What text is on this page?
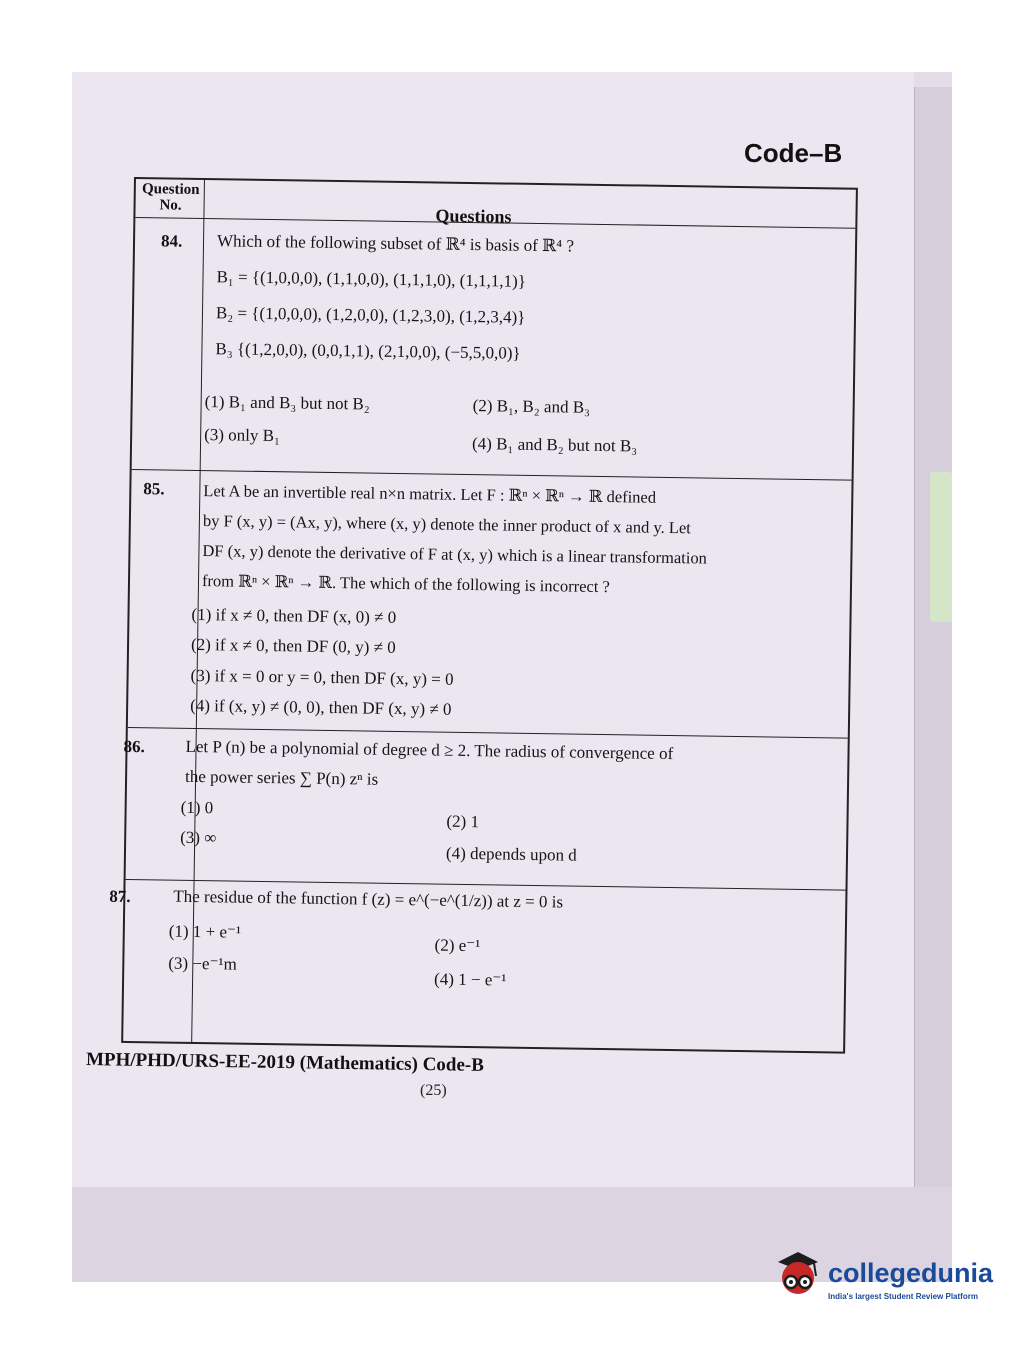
Code–B
Question No.	Questions
84. Which of the following subset of ℝ⁴ is basis of ℝ⁴ ?

B₁ = {(1,0,0,0), (1,1,0,0), (1,1,1,0), (1,1,1,1)}

B₂ = {(1,0,0,0), (1,2,0,0), (1,2,3,0), (1,2,3,4)}

B₃ {(1,2,0,0), (0,0,1,1), (2,1,0,0), (−5,5,0,0)}

(1) B₁ and B₃ but not B₂	(2) B₁, B₂ and B₃
(3) only B₁	(4) B₁ and B₂ but not B₃
85. Let A be an invertible real n×n matrix. Let F : ℝⁿ × ℝⁿ → ℝ defined

by F (x, y) = (Ax, y), where (x, y) denote the inner product of x and y. Let

DF (x, y) denote the derivative of F at (x, y) which is a linear transformation

from ℝⁿ × ℝⁿ → ℝ. The which of the following is incorrect ?

(1) if x ≠ 0, then DF (x, 0) ≠ 0
(2) if x ≠ 0, then DF (0, y) ≠ 0
(3) if x = 0 or y = 0, then DF (x, y) = 0
(4) if (x, y) ≠ (0, 0), then DF (x, y) ≠ 0
86. Let P (n) be a polynomial of degree d ≥ 2. The radius of convergence of

the power series ∑ P(n) zⁿ is

(1) 0
(2) 1
(3) ∞
(4) depends upon d
87. The residue of the function f (z) = e^(−e^(1/z)) at z = 0 is

(1) 1 + e⁻¹
(2) e⁻¹
(3) −e⁻¹m
(4) 1 − e⁻¹
MPH/PHD/URS-EE-2019 (Mathematics) Code-B
(25)
collegedunia
India's largest Student Review Platform
